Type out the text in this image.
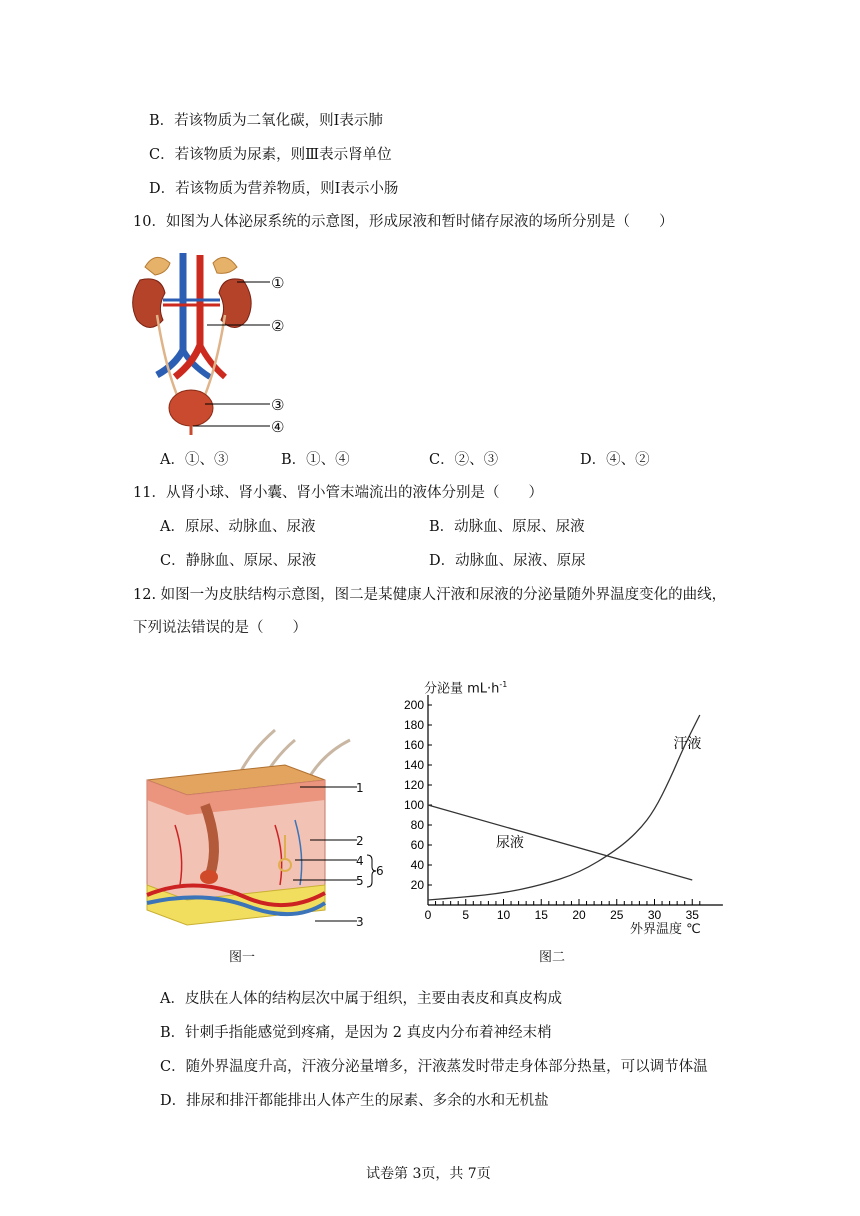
B．若该物质为二氧化碳，则Ⅰ表示肺
C．若该物质为尿素，则Ⅲ表示肾单位
D．若该物质为营养物质，则Ⅰ表示小肠
10．如图为人体泌尿系统的示意图，形成尿液和暂时储存尿液的场所分别是（　　）
①
②
③
④
A．①、③	B．①、④	C．②、③	D．④、②
11．从肾小球、肾小囊、肾小管末端流出的液体分别是（　　）
A．原尿、动脉血、尿液	B．动脉血、原尿、尿液
C．静脉血、原尿、尿液	D．动脉血、尿液、原尿
12. 如图一为皮肤结构示意图，图二是某健康人汗液和尿液的分泌量随外界温度变化的曲线，
下列说法错误的是（　　）
1
2
3
4
5
6
图一
分泌量 $mL\cdot h^{-1}$
0	5 10 15 20 25 30 35
20
40
60
80
100
120
140
160
180
200
汗液
尿液
外界温度 ℃
图二
A．皮肤在人体的结构层次中属于组织，主要由表皮和真皮构成
B．针刺手指能感觉到疼痛，是因为 2 真皮内分布着神经末梢
C．随外界温度升高，汗液分泌量增多，汗液蒸发时带走身体部分热量，可以调节体温
D．排尿和排汗都能排出人体产生的尿素、多余的水和无机盐
试卷第 3页，共 7页
